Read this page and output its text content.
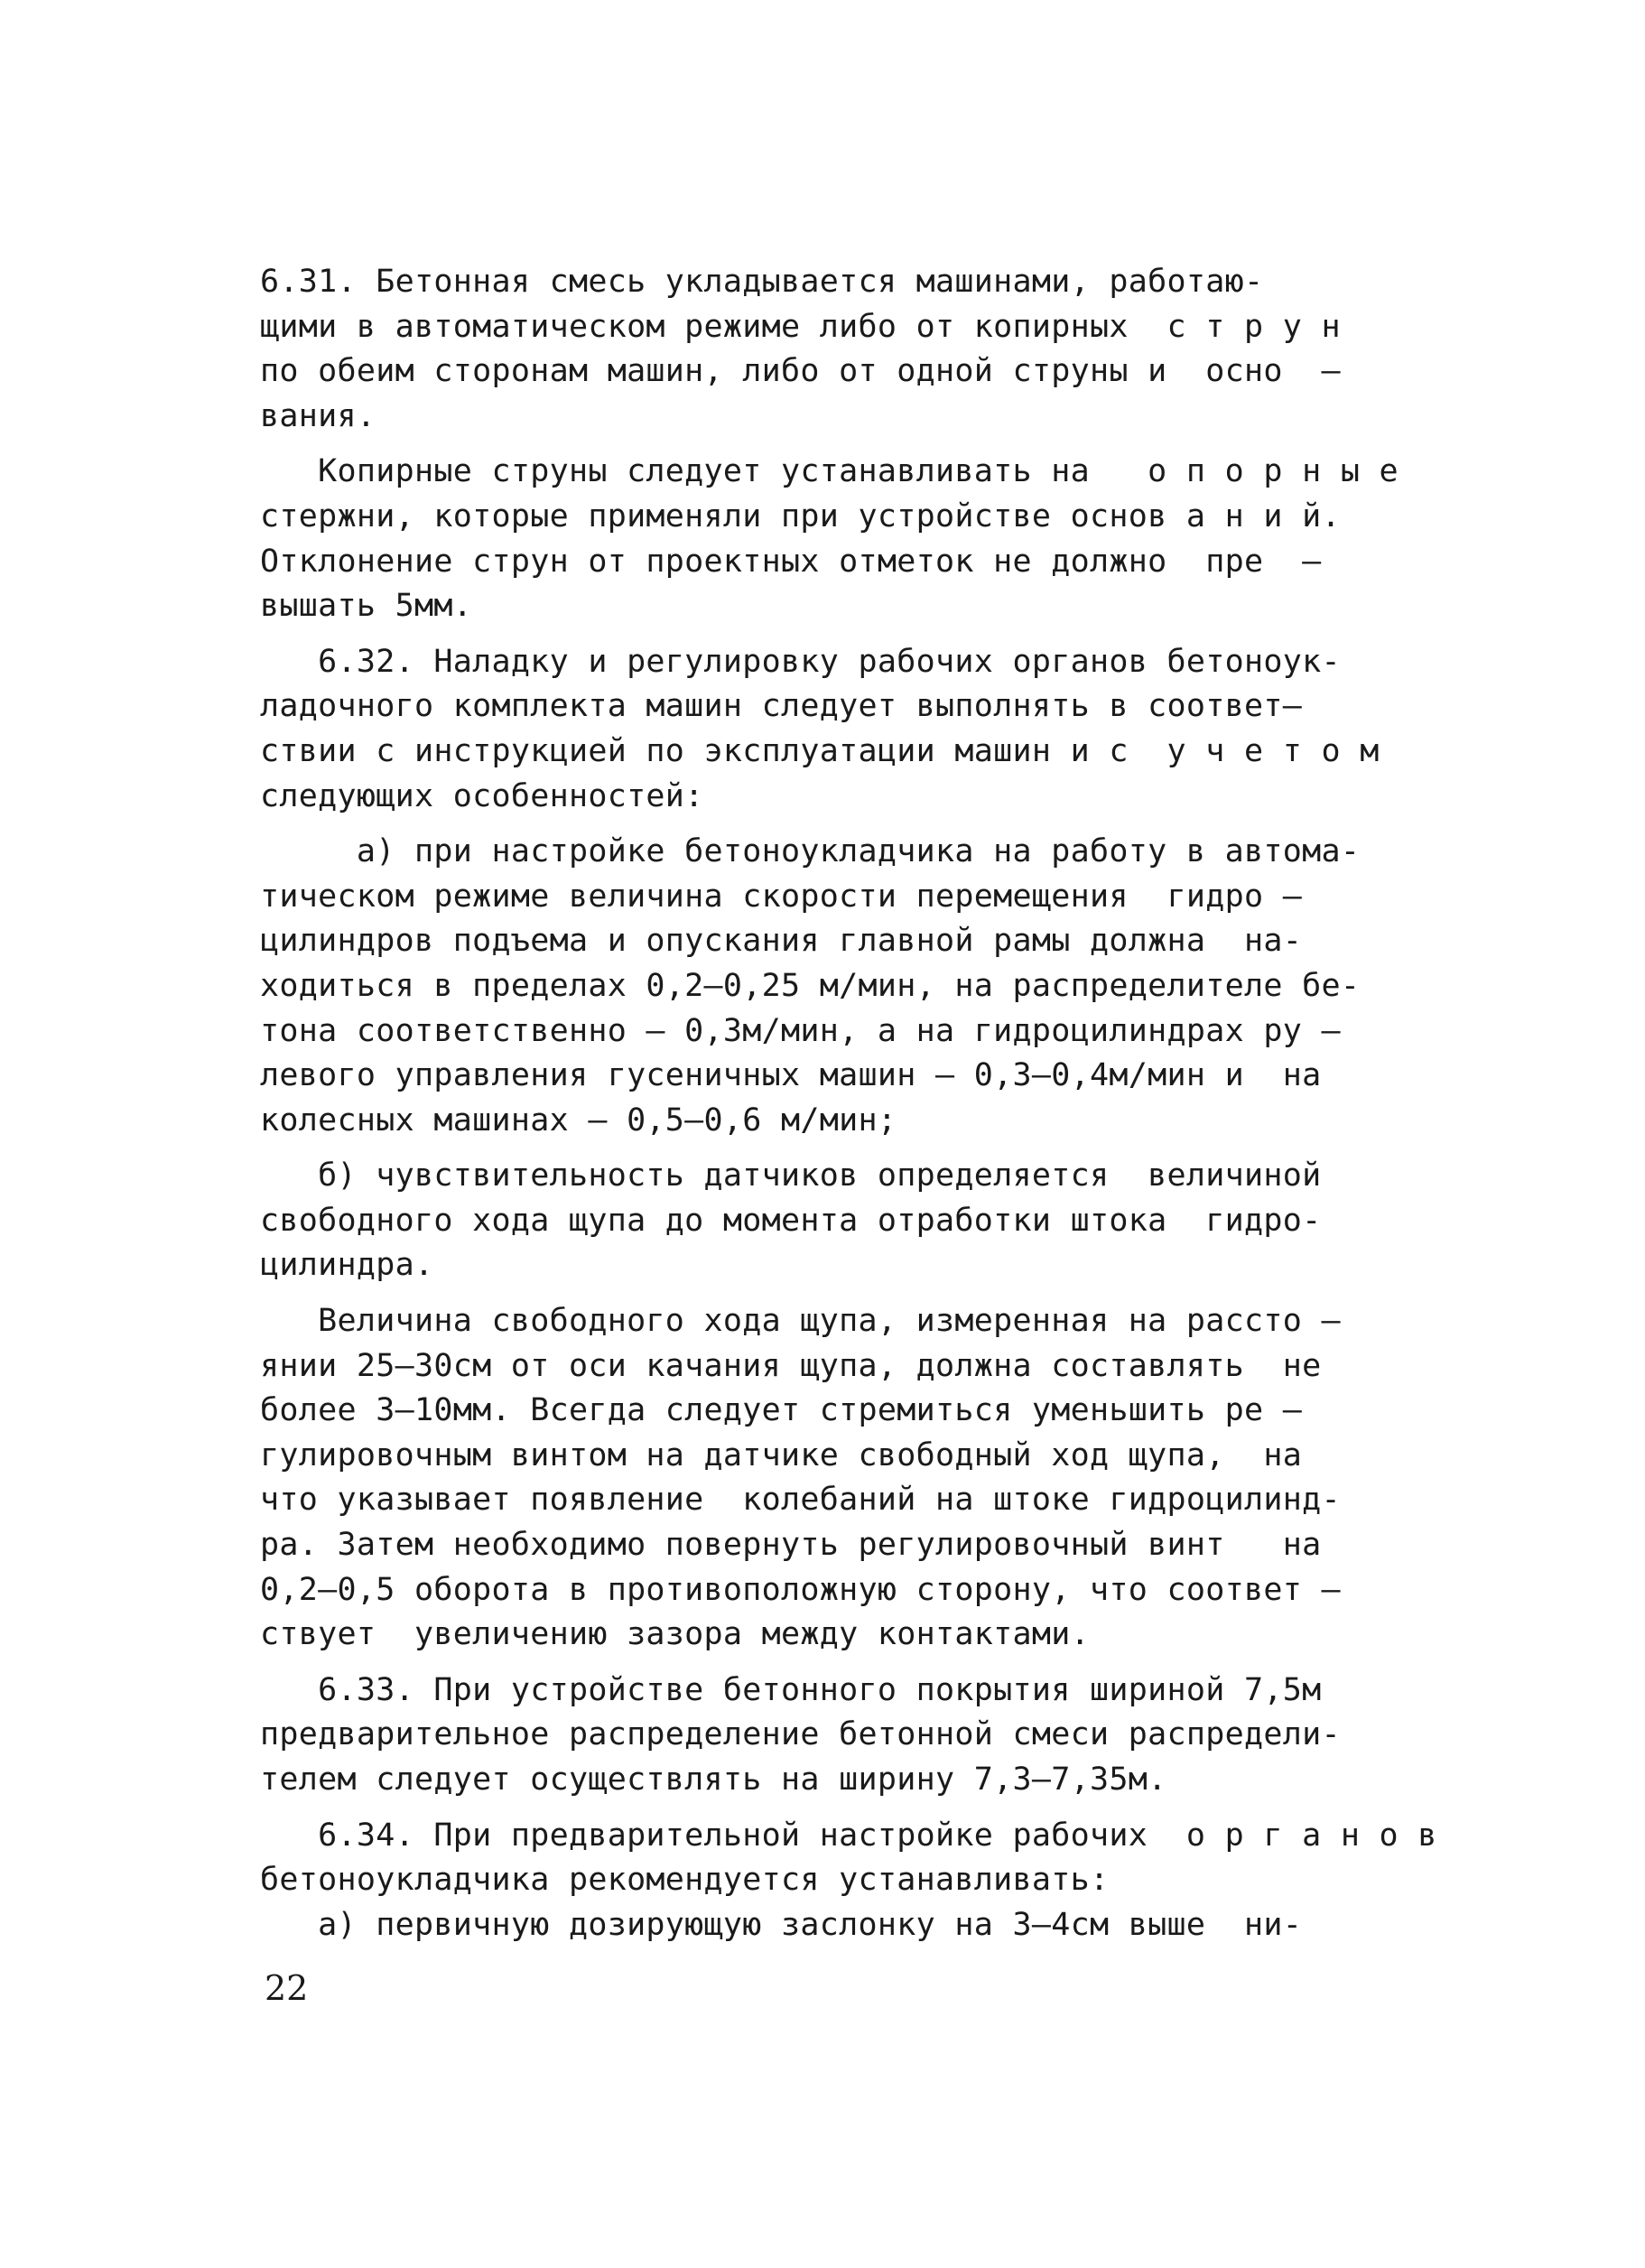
6.31. Бетонная смесь укладывается машинами, работаю-
щими в автоматическом режиме либо от копирных  с т р у н
по обеим сторонам машин, либо от одной струны и  осно  –
вания.
Копирные струны следует устанавливать на   о п о р н ы е
стержни, которые применяли при устройстве основ а н и й.
Отклонение струн от проектных отметок не должно  пре  –
вышать 5мм.
6.32. Наладку и регулировку рабочих органов бетоноук-
ладочного комплекта машин следует выполнять в соответ–
ствии с инструкцией по эксплуатации машин и с  у ч е т о м
следующих особенностей:
а) при настройке бетоноукладчика на работу в автома-
тическом режиме величина скорости перемещения  гидро –
цилиндров подъема и опускания главной рамы должна  на-
ходиться в пределах 0,2–0,25 м/мин, на распределителе бе-
тона соответственно – 0,3м/мин, а на гидроцилиндрах ру –
левого управления гусеничных машин – 0,3–0,4м/мин и  на
колесных машинах – 0,5–0,6 м/мин;
б) чувствительность датчиков определяется  величиной
свободного хода щупа до момента отработки штока  гидро-
цилиндра.
Величина свободного хода щупа, измеренная на рассто –
янии 25–30см от оси качания щупа, должна составлять  не
более 3–10мм. Всегда следует стремиться уменьшить ре –
гулировочным винтом на датчике свободный ход щупа,  на
что указывает появление  колебаний на штоке гидроцилинд-
ра. Затем необходимо повернуть регулировочный винт   на
0,2–0,5 оборота в противоположную сторону, что соответ –
ствует  увеличению зазора между контактами.
6.33. При устройстве бетонного покрытия шириной 7,5м
предварительное распределение бетонной смеси распредели-
телем следует осуществлять на ширину 7,3–7,35м.
6.34. При предварительной настройке рабочих  о р г а н о в
бетоноукладчика рекомендуется устанавливать:
а) первичную дозирующую заслонку на 3–4см выше  ни-
22
